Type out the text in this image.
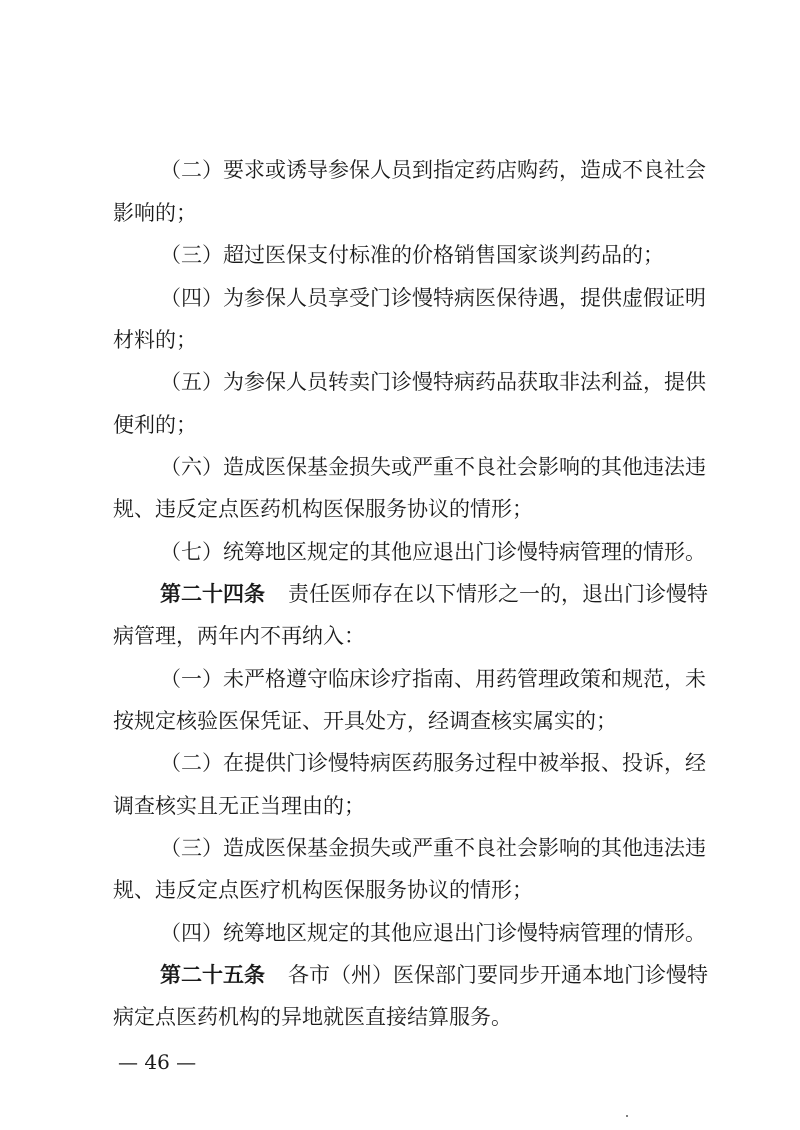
（二）要求或诱导参保人员到指定药店购药，造成不良社会
影响的；
（三）超过医保支付标准的价格销售国家谈判药品的；
（四）为参保人员享受门诊慢特病医保待遇，提供虚假证明
材料的；
（五）为参保人员转卖门诊慢特病药品获取非法利益，提供
便利的；
（六）造成医保基金损失或严重不良社会影响的其他违法违
规、违反定点医药机构医保服务协议的情形；
（七）统筹地区规定的其他应退出门诊慢特病管理的情形。
第二十四条 责任医师存在以下情形之一的，退出门诊慢特
病管理，两年内不再纳入：
（一）未严格遵守临床诊疗指南、用药管理政策和规范，未
按规定核验医保凭证、开具处方，经调查核实属实的；
（二）在提供门诊慢特病医药服务过程中被举报、投诉，经
调查核实且无正当理由的；
（三）造成医保基金损失或严重不良社会影响的其他违法违
规、违反定点医疗机构医保服务协议的情形；
（四）统筹地区规定的其他应退出门诊慢特病管理的情形。
第二十五条 各市（州）医保部门要同步开通本地门诊慢特
病定点医药机构的异地就医直接结算服务。
— 46 —
